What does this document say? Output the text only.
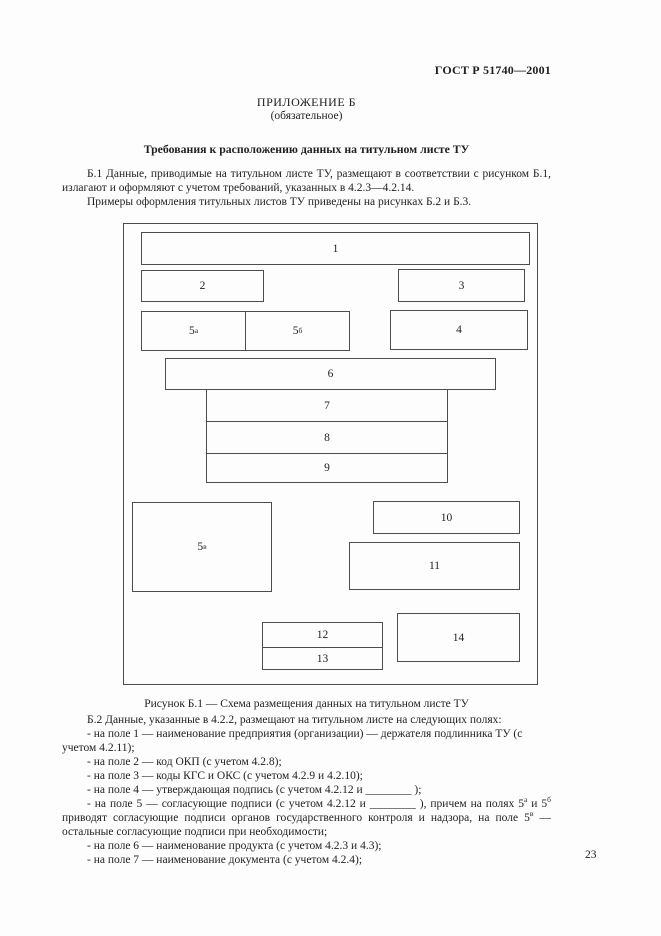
ГОСТ Р 51740—2001
ПРИЛОЖЕНИЕ Б
(обязательное)
Требования к расположению данных на титульном листе ТУ

Б.1 Данные, приводимые на титульном листе ТУ, размещают в соответствии с рисунком Б.1, излагают и оформляют с учетом требований, указанных в 4.2.3—4.2.14.

Примеры оформления титульных листов ТУ приведены на рисунках Б.2 и Б.3.

1
2	3
5 а	5 б	4
6
7
8
9
5 в
10
11
12
13
14
Рисунок Б.1 — Схема размещения данных на титульном листе ТУ

Б.2 Данные, указанные в 4.2.2, размещают на титульном листе на следующих полях:

- на поле 1 — наименование предприятия (организации) — держателя подлинника ТУ (с учетом 4.2.11);

- на поле 2 — код ОКП (с учетом 4.2.8);

- на поле 3 — коды КГС и ОКС (с учетом 4.2.9 и 4.2.10);

- на поле 4 — утверждающая подпись (с учетом 4.2.12 и ________ );

- на поле 5 — согласующие подписи (с учетом 4.2.12 и ________ ), причем на полях $5^а$ и $5^б$ приводят согласующие подписи органов государственного контроля и надзора, на поле $5^в$ — остальные согласующие подписи при необходимости;

- на поле 6 — наименование продукта (с учетом 4.2.3 и 4.3);

- на поле 7 — наименование документа (с учетом 4.2.4);	23
